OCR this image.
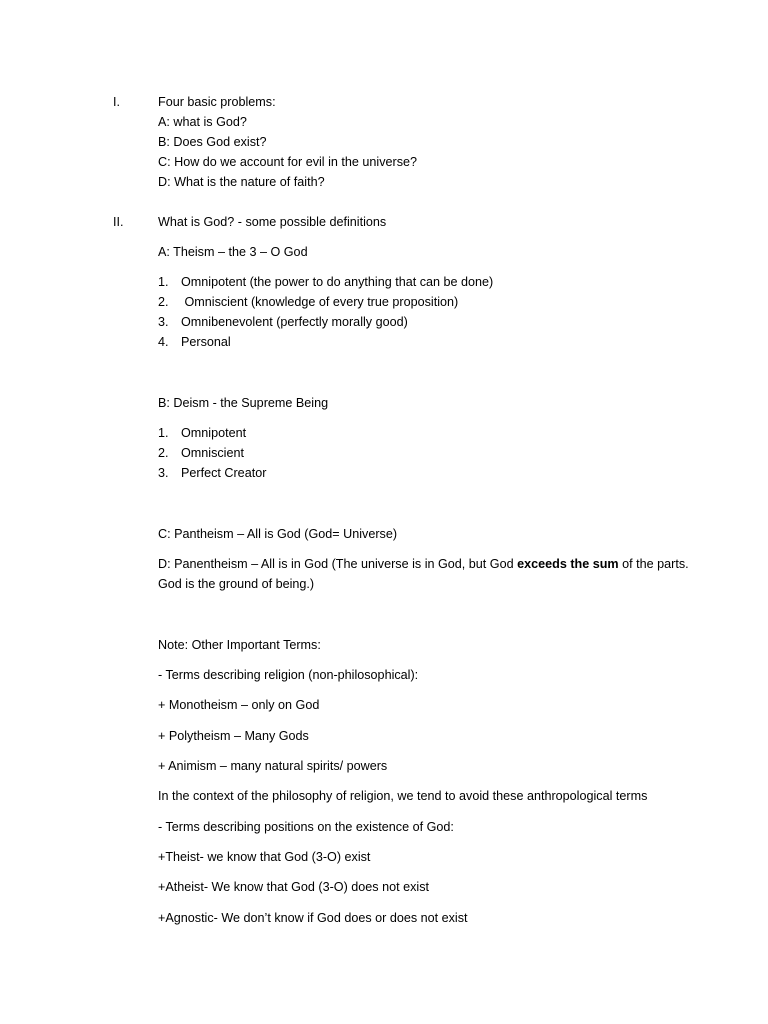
I.	Four basic problems:
A: what is God?
B: Does God exist?
C: How do we account for evil in the universe?
D: What is the nature of faith?
II.	What is God? - some possible definitions
A: Theism – the 3 – O God
1. Omnipotent (the power to do anything that can be done)
2. Omniscient (knowledge of every true proposition)
3. Omnibenevolent (perfectly morally good)
4. Personal
B: Deism - the Supreme Being
1. Omnipotent
2. Omniscient
3. Perfect Creator
C: Pantheism – All is God (God= Universe)
D: Panentheism – All is in God (The universe is in God, but God exceeds the sum of the parts.
God is the ground of being.)
Note: Other Important Terms:
- Terms describing religion (non-philosophical):
+ Monotheism – only on God
+ Polytheism – Many Gods
+ Animism – many natural spirits/ powers
In the context of the philosophy of religion, we tend to avoid these anthropological terms
- Terms describing positions on the existence of God:
+Theist- we know that God (3-O) exist
+Atheist- We know that God (3-O) does not exist
+Agnostic- We don’t know if God does or does not exist
